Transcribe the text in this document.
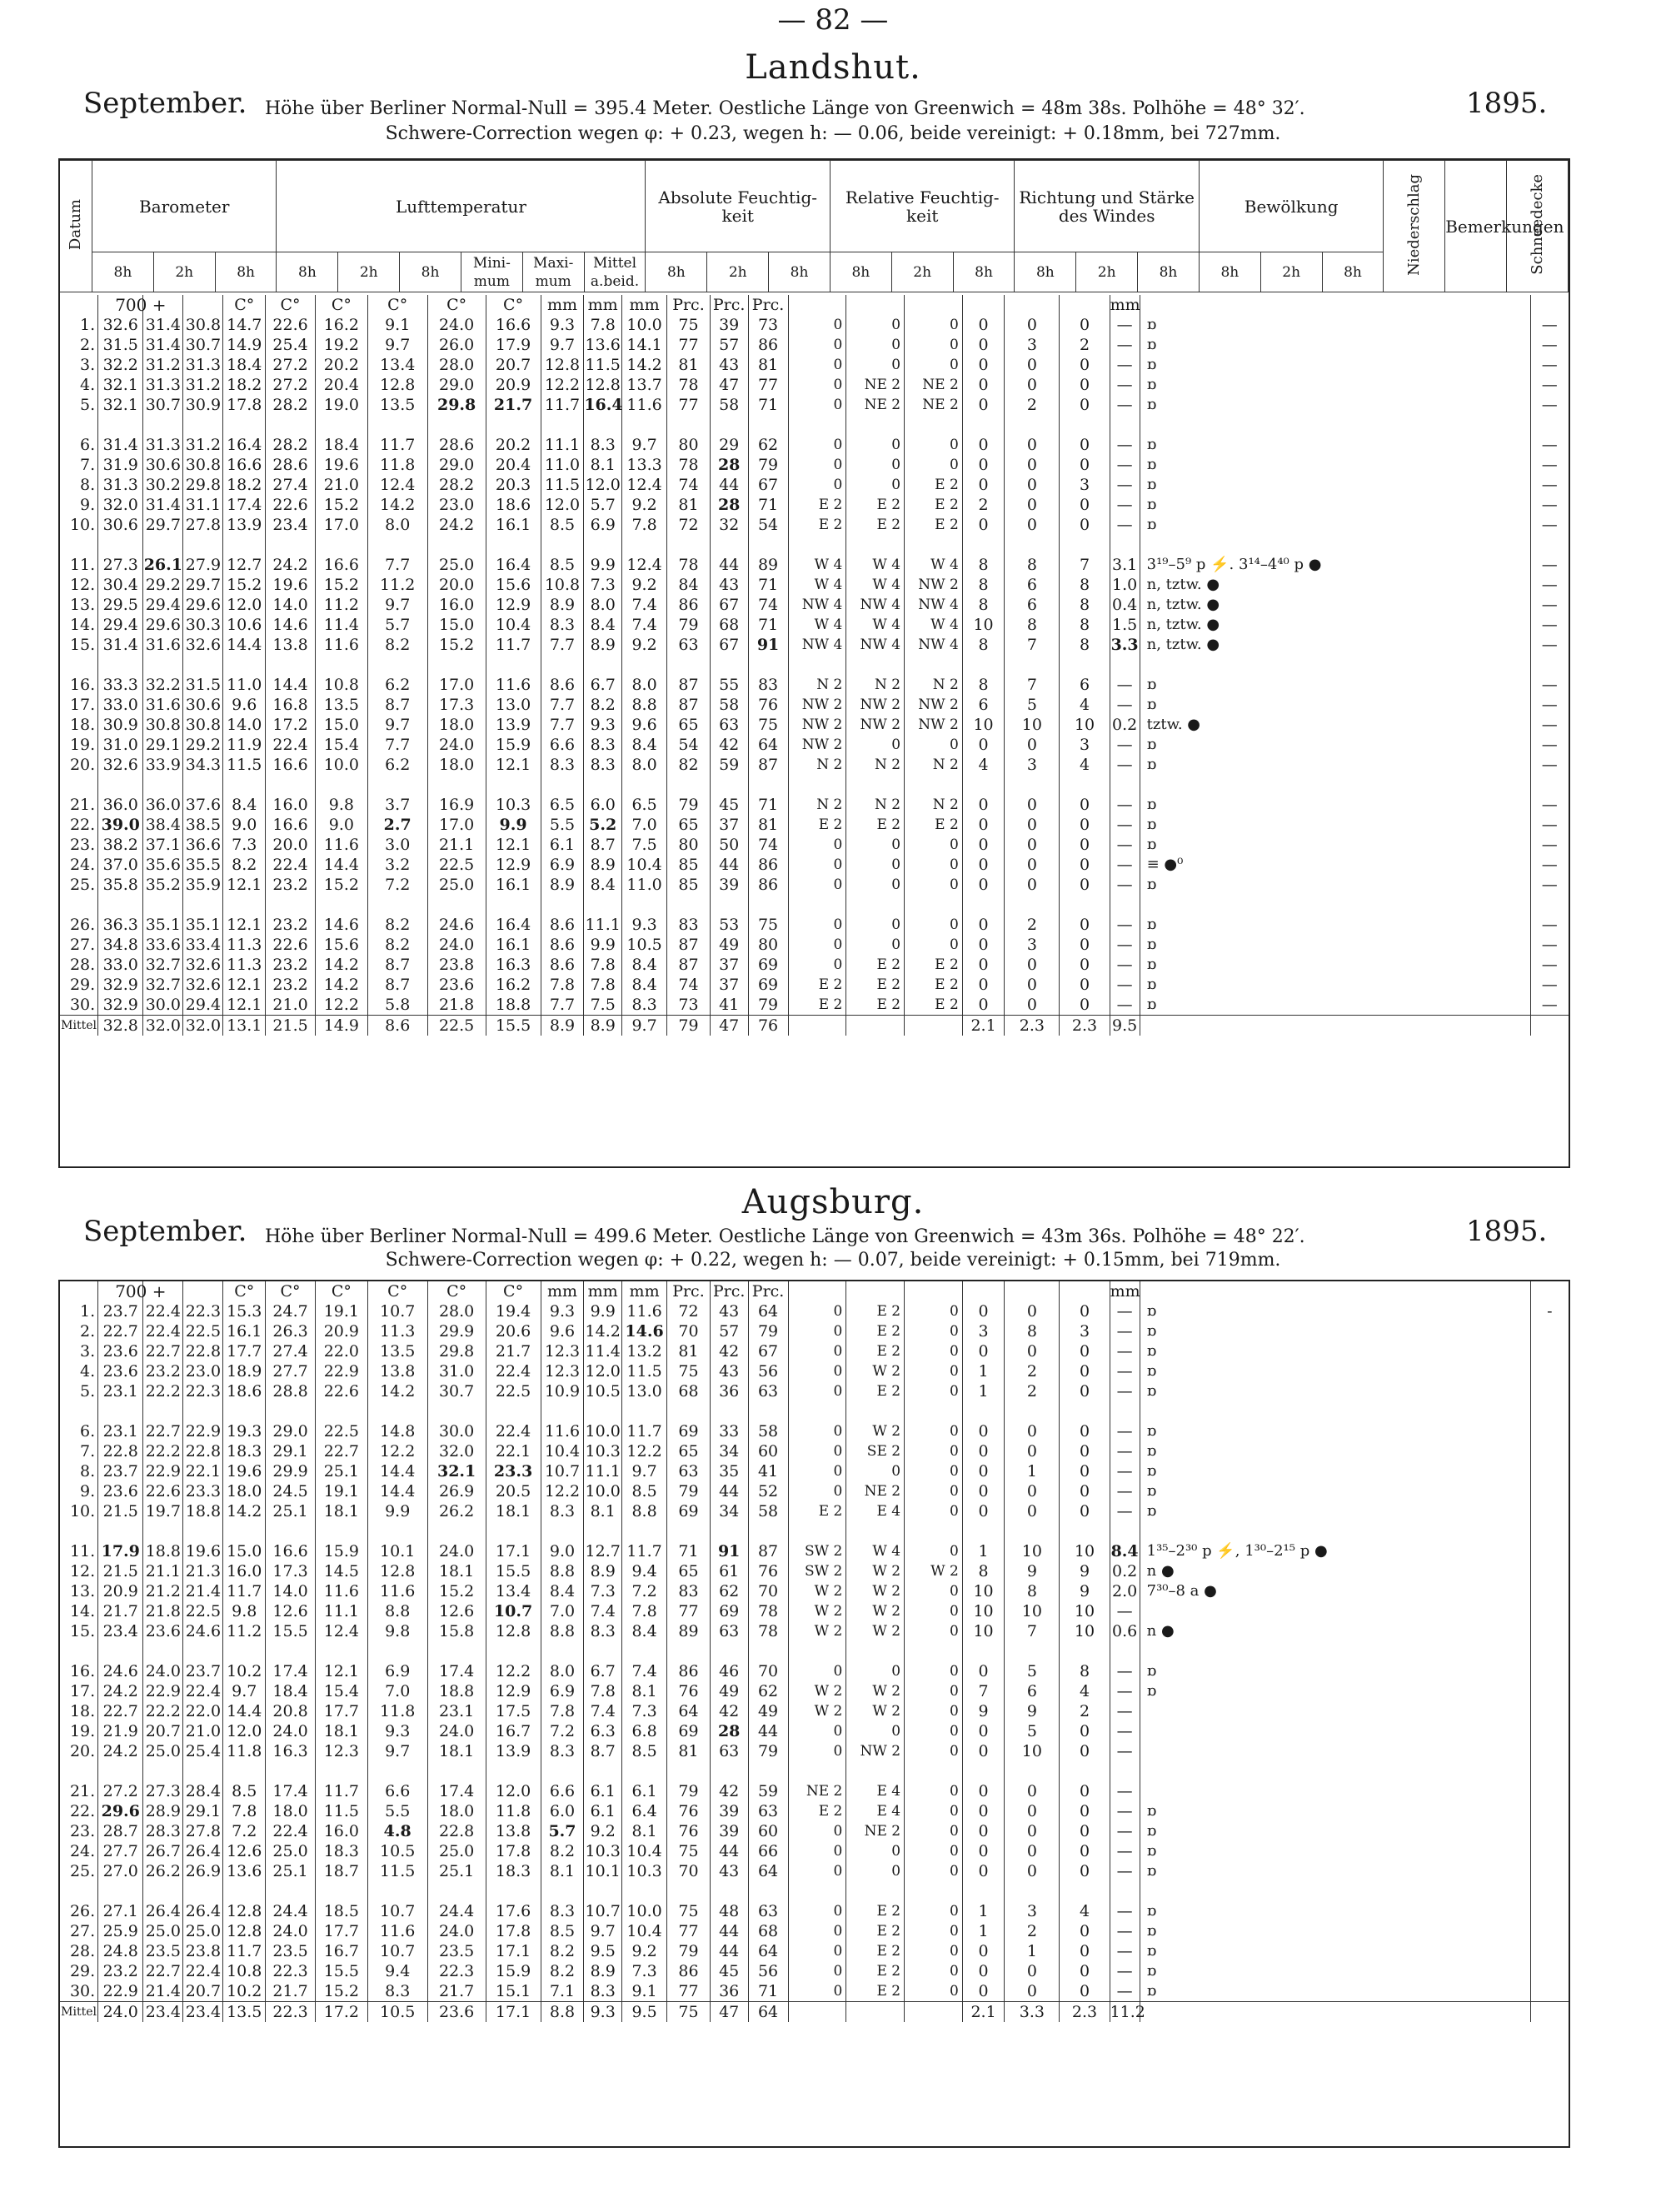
— 82 —
Landshut.
September.	1895.
Höhe über Berliner Normal-Null = 395.4 Meter. Oestliche Länge von Greenwich = 48m 38s. Polhöhe = 48° 32′.
Schwere-Correction wegen φ: + 0.23, wegen h: — 0.06, beide vereinigt: + 0.18mm, bei 727mm.
Datum	Barometer			Lufttemperatur						Absolute Feuchtig-keit			Relative Feuchtig-keit			Richtung und Stärke des Windes			Bewölkung			Niederschlag	Bemerkungen	Schneedecke
	8h	2h	8h	8h	2h	8h	Mini-mum	Maxi-mum	Mittel a.beid.	8h	2h	8h	8h	2h	8h	8h	2h	8h	8h	2h	8h			
	700 +			C°	C°	C°	C°	C°	C°	mm	mm	mm	Prc.	Prc.	Prc.							mm		
1.	32.6	31.4	30.8	14.7	22.6	16.2	9.1	24.0	16.6	9.3	7.8	10.0	75	39	73	0	0	0	0	0	0	—	ɒ	—
2.	31.5	31.4	30.7	14.9	25.4	19.2	9.7	26.0	17.9	9.7	13.6	14.1	77	57	86	0	0	0	0	3	2	—	ɒ	—
3.	32.2	31.2	31.3	18.4	27.2	20.2	13.4	28.0	20.7	12.8	11.5	14.2	81	43	81	0	0	0	0	0	0	—	ɒ	—
4.	32.1	31.3	31.2	18.2	27.2	20.4	12.8	29.0	20.9	12.2	12.8	13.7	78	47	77	0	NE 2	NE 2	0	0	0	—	ɒ	—
5.	32.1	30.7	30.9	17.8	28.2	19.0	13.5	29.8	21.7	11.7	16.4	11.6	77	58	71	0	NE 2	NE 2	0	2	0	—	ɒ	—

6.	31.4	31.3	31.2	16.4	28.2	18.4	11.7	28.6	20.2	11.1	8.3	9.7	80	29	62	0	0	0	0	0	0	—	ɒ	—
7.	31.9	30.6	30.8	16.6	28.6	19.6	11.8	29.0	20.4	11.0	8.1	13.3	78	28	79	0	0	0	0	0	0	—	ɒ	—
8.	31.3	30.2	29.8	18.2	27.4	21.0	12.4	28.2	20.3	11.5	12.0	12.4	74	44	67	0	0	E 2	0	0	3	—	ɒ	—
9.	32.0	31.4	31.1	17.4	22.6	15.2	14.2	23.0	18.6	12.0	5.7	9.2	81	28	71	E 2	E 2	E 2	2	0	0	—	ɒ	—
10.	30.6	29.7	27.8	13.9	23.4	17.0	8.0	24.2	16.1	8.5	6.9	7.8	72	32	54	E 2	E 2	E 2	0	0	0	—	ɒ	—

11.	27.3	26.1	27.9	12.7	24.2	16.6	7.7	25.0	16.4	8.5	9.9	12.4	78	44	89	W 4	W 4	W 4	8	8	7	3.1	3¹⁹–5⁹ p ⚡. 3¹⁴–4⁴⁰ p ●	—
12.	30.4	29.2	29.7	15.2	19.6	15.2	11.2	20.0	15.6	10.8	7.3	9.2	84	43	71	W 4	W 4	NW 2	8	6	8	1.0	n, tztw. ●	—
13.	29.5	29.4	29.6	12.0	14.0	11.2	9.7	16.0	12.9	8.9	8.0	7.4	86	67	74	NW 4	NW 4	NW 4	8	6	8	0.4	n, tztw. ●	—
14.	29.4	29.6	30.3	10.6	14.6	11.4	5.7	15.0	10.4	8.3	8.4	7.4	79	68	71	W 4	W 4	W 4	10	8	8	1.5	n, tztw. ●	—
15.	31.4	31.6	32.6	14.4	13.8	11.6	8.2	15.2	11.7	7.7	8.9	9.2	63	67	91	NW 4	NW 4	NW 4	8	7	8	3.3	n, tztw. ●	—

16.	33.3	32.2	31.5	11.0	14.4	10.8	6.2	17.0	11.6	8.6	6.7	8.0	87	55	83	N 2	N 2	N 2	8	7	6	—	ɒ	—
17.	33.0	31.6	30.6	9.6	16.8	13.5	8.7	17.3	13.0	7.7	8.2	8.8	87	58	76	NW 2	NW 2	NW 2	6	5	4	—	ɒ	—
18.	30.9	30.8	30.8	14.0	17.2	15.0	9.7	18.0	13.9	7.7	9.3	9.6	65	63	75	NW 2	NW 2	NW 2	10	10	10	0.2	tztw. ●	—
19.	31.0	29.1	29.2	11.9	22.4	15.4	7.7	24.0	15.9	6.6	8.3	8.4	54	42	64	NW 2	0	0	0	0	3	—	ɒ	—
20.	32.6	33.9	34.3	11.5	16.6	10.0	6.2	18.0	12.1	8.3	8.3	8.0	82	59	87	N 2	N 2	N 2	4	3	4	—	ɒ	—

21.	36.0	36.0	37.6	8.4	16.0	9.8	3.7	16.9	10.3	6.5	6.0	6.5	79	45	71	N 2	N 2	N 2	0	0	0	—	ɒ	—
22.	39.0	38.4	38.5	9.0	16.6	9.0	2.7	17.0	9.9	5.5	5.2	7.0	65	37	81	E 2	E 2	E 2	0	0	0	—	ɒ	—
23.	38.2	37.1	36.6	7.3	20.0	11.6	3.0	21.1	12.1	6.1	8.7	7.5	80	50	74	0	0	0	0	0	0	—	ɒ	—
24.	37.0	35.6	35.5	8.2	22.4	14.4	3.2	22.5	12.9	6.9	8.9	10.4	85	44	86	0	0	0	0	0	0	—	≡ ●⁰	—
25.	35.8	35.2	35.9	12.1	23.2	15.2	7.2	25.0	16.1	8.9	8.4	11.0	85	39	86	0	0	0	0	0	0	—	ɒ	—

26.	36.3	35.1	35.1	12.1	23.2	14.6	8.2	24.6	16.4	8.6	11.1	9.3	83	53	75	0	0	0	0	2	0	—	ɒ	—
27.	34.8	33.6	33.4	11.3	22.6	15.6	8.2	24.0	16.1	8.6	9.9	10.5	87	49	80	0	0	0	0	3	0	—	ɒ	—
28.	33.0	32.7	32.6	11.3	23.2	14.2	8.7	23.8	16.3	8.6	7.8	8.4	87	37	69	0	E 2	E 2	0	0	0	—	ɒ	—
29.	32.9	32.7	32.6	12.1	23.2	14.2	8.7	23.6	16.2	7.8	7.8	8.4	74	37	69	E 2	E 2	E 2	0	0	0	—	ɒ	—
30.	32.9	30.0	29.4	12.1	21.0	12.2	5.8	21.8	18.8	7.7	7.5	8.3	73	41	79	E 2	E 2	E 2	0	0	0	—	ɒ	—
Mittel	32.8	32.0	32.0	13.1	21.5	14.9	8.6	22.5	15.5	8.9	8.9	9.7	79	47	76				2.1	2.3	2.3	9.5		
Augsburg.
September.	1895.
Höhe über Berliner Normal-Null = 499.6 Meter. Oestliche Länge von Greenwich = 43m 36s. Polhöhe = 48° 22′.
Schwere-Correction wegen φ: + 0.22, wegen h: — 0.07, beide vereinigt: + 0.15mm, bei 719mm.
	700 +			C°	C°	C°	C°	C°	C°	mm	mm	mm	Prc.	Prc.	Prc.							mm		
1.	23.7	22.4	22.3	15.3	24.7	19.1	10.7	28.0	19.4	9.3	9.9	11.6	72	43	64	0	E 2	0	0	0	0	—	ɒ	-
2.	22.7	22.4	22.5	16.1	26.3	20.9	11.3	29.9	20.6	9.6	14.2	14.6	70	57	79	0	E 2	0	3	8	3	—	ɒ	
3.	23.6	22.7	22.8	17.7	27.4	22.0	13.5	29.8	21.7	12.3	11.4	13.2	81	42	67	0	E 2	0	0	0	0	—	ɒ	
4.	23.6	23.2	23.0	18.9	27.7	22.9	13.8	31.0	22.4	12.3	12.0	11.5	75	43	56	0	W 2	0	1	2	0	—	ɒ	
5.	23.1	22.2	22.3	18.6	28.8	22.6	14.2	30.7	22.5	10.9	10.5	13.0	68	36	63	0	E 2	0	1	2	0	—	ɒ	

6.	23.1	22.7	22.9	19.3	29.0	22.5	14.8	30.0	22.4	11.6	10.0	11.7	69	33	58	0	W 2	0	0	0	0	—	ɒ	
7.	22.8	22.2	22.8	18.3	29.1	22.7	12.2	32.0	22.1	10.4	10.3	12.2	65	34	60	0	SE 2	0	0	0	0	—	ɒ	
8.	23.7	22.9	22.1	19.6	29.9	25.1	14.4	32.1	23.3	10.7	11.1	9.7	63	35	41	0	0	0	0	1	0	—	ɒ	
9.	23.6	22.6	23.3	18.0	24.5	19.1	14.4	26.9	20.5	12.2	10.0	8.5	79	44	52	0	NE 2	0	0	0	0	—	ɒ	
10.	21.5	19.7	18.8	14.2	25.1	18.1	9.9	26.2	18.1	8.3	8.1	8.8	69	34	58	E 2	E 4	0	0	0	0	—	ɒ	

11.	17.9	18.8	19.6	15.0	16.6	15.9	10.1	24.0	17.1	9.0	12.7	11.7	71	91	87	SW 2	W 4	0	1	10	10	8.4	1³⁵–2³⁰ p ⚡, 1³⁰–2¹⁵ p ●	
12.	21.5	21.1	21.3	16.0	17.3	14.5	12.8	18.1	15.5	8.8	8.9	9.4	65	61	76	SW 2	W 2	W 2	8	9	9	0.2	n ●	
13.	20.9	21.2	21.4	11.7	14.0	11.6	11.6	15.2	13.4	8.4	7.3	7.2	83	62	70	W 2	W 2	0	10	8	9	2.0	7³⁰–8 a ●	
14.	21.7	21.8	22.5	9.8	12.6	11.1	8.8	12.6	10.7	7.0	7.4	7.8	77	69	78	W 2	W 2	0	10	10	10	—		
15.	23.4	23.6	24.6	11.2	15.5	12.4	9.8	15.8	12.8	8.8	8.3	8.4	89	63	78	W 2	W 2	0	10	7	10	0.6	n ●	

16.	24.6	24.0	23.7	10.2	17.4	12.1	6.9	17.4	12.2	8.0	6.7	7.4	86	46	70	0	0	0	0	5	8	—	ɒ	
17.	24.2	22.9	22.4	9.7	18.4	15.4	7.0	18.8	12.9	6.9	7.8	8.1	76	49	62	W 2	W 2	0	7	6	4	—	ɒ	
18.	22.7	22.2	22.0	14.4	20.8	17.7	11.8	23.1	17.5	7.8	7.4	7.3	64	42	49	W 2	W 2	0	9	9	2	—		
19.	21.9	20.7	21.0	12.0	24.0	18.1	9.3	24.0	16.7	7.2	6.3	6.8	69	28	44	0	0	0	0	5	0	—		
20.	24.2	25.0	25.4	11.8	16.3	12.3	9.7	18.1	13.9	8.3	8.7	8.5	81	63	79	0	NW 2	0	0	10	0	—		

21.	27.2	27.3	28.4	8.5	17.4	11.7	6.6	17.4	12.0	6.6	6.1	6.1	79	42	59	NE 2	E 4	0	0	0	0	—		
22.	29.6	28.9	29.1	7.8	18.0	11.5	5.5	18.0	11.8	6.0	6.1	6.4	76	39	63	E 2	E 4	0	0	0	0	—	ɒ	
23.	28.7	28.3	27.8	7.2	22.4	16.0	4.8	22.8	13.8	5.7	9.2	8.1	76	39	60	0	NE 2	0	0	0	0	—	ɒ	
24.	27.7	26.7	26.4	12.6	25.0	18.3	10.5	25.0	17.8	8.2	10.3	10.4	75	44	66	0	0	0	0	0	0	—	ɒ	
25.	27.0	26.2	26.9	13.6	25.1	18.7	11.5	25.1	18.3	8.1	10.1	10.3	70	43	64	0	0	0	0	0	0	—	ɒ	

26.	27.1	26.4	26.4	12.8	24.4	18.5	10.7	24.4	17.6	8.3	10.7	10.0	75	48	63	0	E 2	0	1	3	4	—	ɒ	
27.	25.9	25.0	25.0	12.8	24.0	17.7	11.6	24.0	17.8	8.5	9.7	10.4	77	44	68	0	E 2	0	1	2	0	—	ɒ	
28.	24.8	23.5	23.8	11.7	23.5	16.7	10.7	23.5	17.1	8.2	9.5	9.2	79	44	64	0	E 2	0	0	1	0	—	ɒ	
29.	23.2	22.7	22.4	10.8	22.3	15.5	9.4	22.3	15.9	8.2	8.9	7.3	86	45	56	0	E 2	0	0	0	0	—	ɒ	
30.	22.9	21.4	20.7	10.2	21.7	15.2	8.3	21.7	15.1	7.1	8.3	9.1	77	36	71	0	E 2	0	0	0	0	—	ɒ	
Mittel	24.0	23.4	23.4	13.5	22.3	17.2	10.5	23.6	17.1	8.8	9.3	9.5	75	47	64				2.1	3.3	2.3	11.2		
